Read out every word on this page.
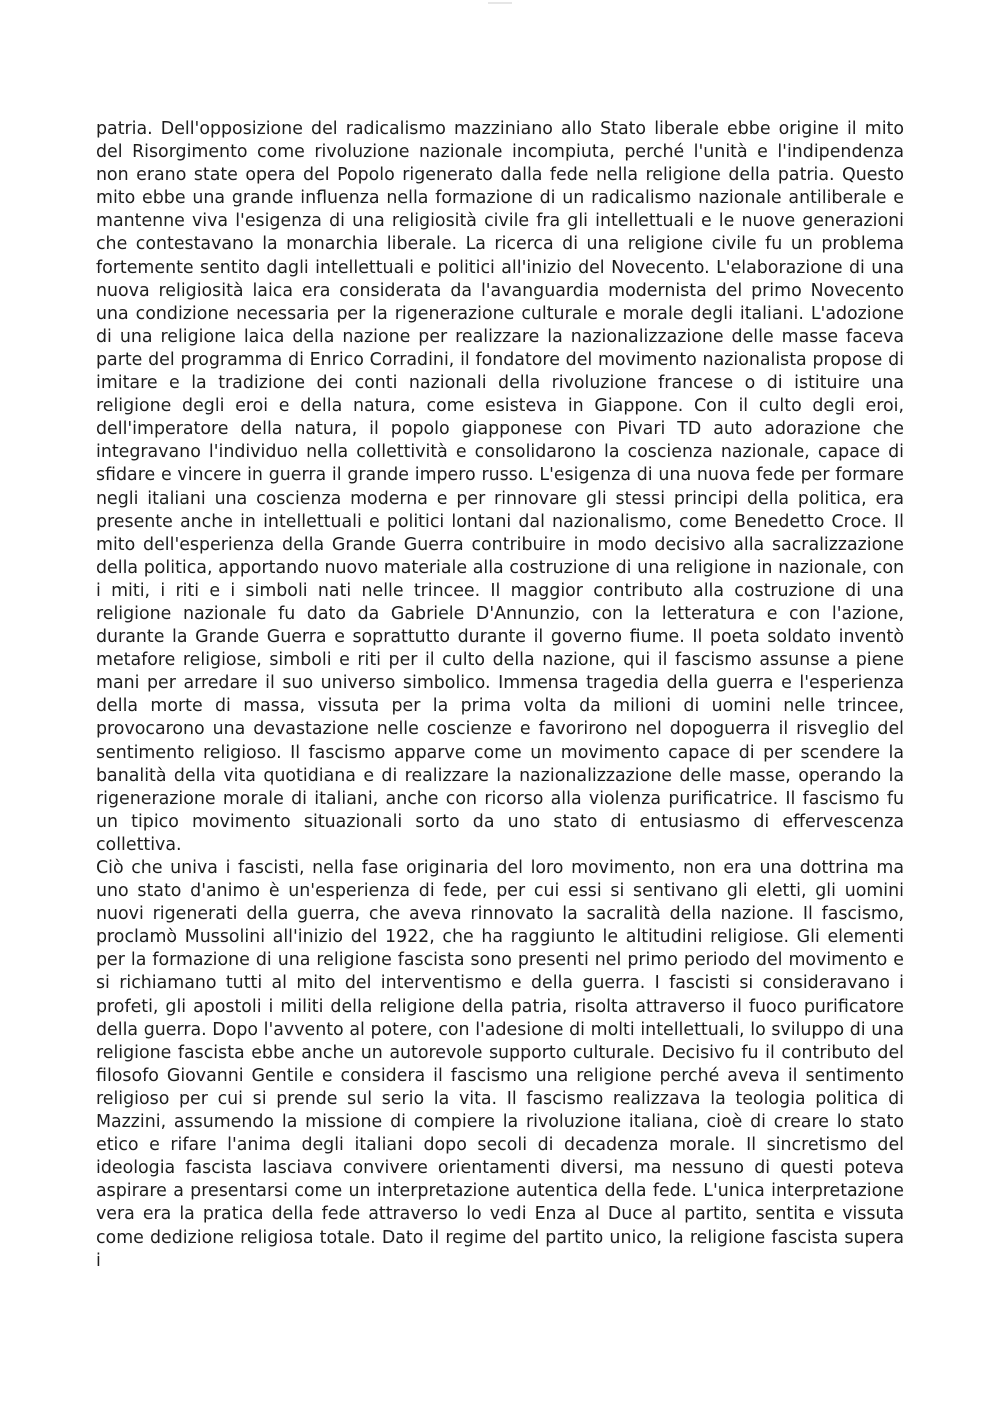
patria. Dell'opposizione del radicalismo mazziniano allo Stato liberale ebbe origine il mito del Risorgimento come rivoluzione nazionale incompiuta, perché l'unità e l'indipendenza non erano state opera del Popolo rigenerato dalla fede nella religione della patria. Questo mito ebbe una grande influenza nella formazione di un radicalismo nazionale antiliberale e mantenne viva l'esigenza di una religiosità civile fra gli intellettuali e le nuove generazioni che contestavano la monarchia liberale. La ricerca di una religione civile fu un problema fortemente sentito dagli intellettuali e politici all'inizio del Novecento. L'elaborazione di una nuova religiosità laica era considerata da l'avanguardia modernista del primo Novecento una condizione necessaria per la rigenerazione culturale e morale degli italiani. L'adozione di una religione laica della nazione per realizzare la nazionalizzazione delle masse faceva parte del programma di Enrico Corradini, il fondatore del movimento nazionalista propose di imitare e la tradizione dei conti nazionali della rivoluzione francese o di istituire una religione degli eroi e della natura, come esisteva in Giappone. Con il culto degli eroi, dell'imperatore della natura, il popolo giapponese con Pivari TD auto adorazione che integravano l'individuo nella collettività e consolidarono la coscienza nazionale, capace di sfidare e vincere in guerra il grande impero russo. L'esigenza di una nuova fede per formare negli italiani una coscienza moderna e per rinnovare gli stessi principi della politica, era presente anche in intellettuali e politici lontani dal nazionalismo, come Benedetto Croce. Il mito dell'esperienza della Grande Guerra contribuire in modo decisivo alla sacralizzazione della politica, apportando nuovo materiale alla costruzione di una religione in nazionale, con i miti, i riti e i simboli nati nelle trincee. Il maggior contributo alla costruzione di una religione nazionale fu dato da Gabriele D'Annunzio, con la letteratura e con l'azione, durante la Grande Guerra e soprattutto durante il governo fiume. Il poeta soldato inventò metafore religiose, simboli e riti per il culto della nazione, qui il fascismo assunse a piene mani per arredare il suo universo simbolico. Immensa tragedia della guerra e l'esperienza della morte di massa, vissuta per la prima volta da milioni di uomini nelle trincee, provocarono una devastazione nelle coscienze e favorirono nel dopoguerra il risveglio del sentimento religioso. Il fascismo apparve come un movimento capace di per scendere la banalità della vita quotidiana e di realizzare la nazionalizzazione delle masse, operando la rigenerazione morale di italiani, anche con ricorso alla violenza purificatrice. Il fascismo fu un tipico movimento situazionali sorto da uno stato di entusiasmo di effervescenza collettiva.

Ciò che univa i fascisti, nella fase originaria del loro movimento, non era una dottrina ma uno stato d'animo è un'esperienza di fede, per cui essi si sentivano gli eletti, gli uomini nuovi rigenerati della guerra, che aveva rinnovato la sacralità della nazione. Il fascismo, proclamò Mussolini all'inizio del 1922, che ha raggiunto le altitudini religiose. Gli elementi per la formazione di una religione fascista sono presenti nel primo periodo del movimento e si richiamano tutti al mito del interventismo e della guerra. I fascisti si consideravano i profeti, gli apostoli i militi della religione della patria, risolta attraverso il fuoco purificatore della guerra. Dopo l'avvento al potere, con l'adesione di molti intellettuali, lo sviluppo di una religione fascista ebbe anche un autorevole supporto culturale. Decisivo fu il contributo del filosofo Giovanni Gentile e considera il fascismo una religione perché aveva il sentimento religioso per cui si prende sul serio la vita. Il fascismo realizzava la teologia politica di Mazzini, assumendo la missione di compiere la rivoluzione italiana, cioè di creare lo stato etico e rifare l'anima degli italiani dopo secoli di decadenza morale. Il sincretismo del ideologia fascista lasciava convivere orientamenti diversi, ma nessuno di questi poteva aspirare a presentarsi come un interpretazione autentica della fede. L'unica interpretazione vera era la pratica della fede attraverso lo vedi Enza al Duce al partito, sentita e vissuta come dedizione religiosa totale. Dato il regime del partito unico, la religione fascista supera i
